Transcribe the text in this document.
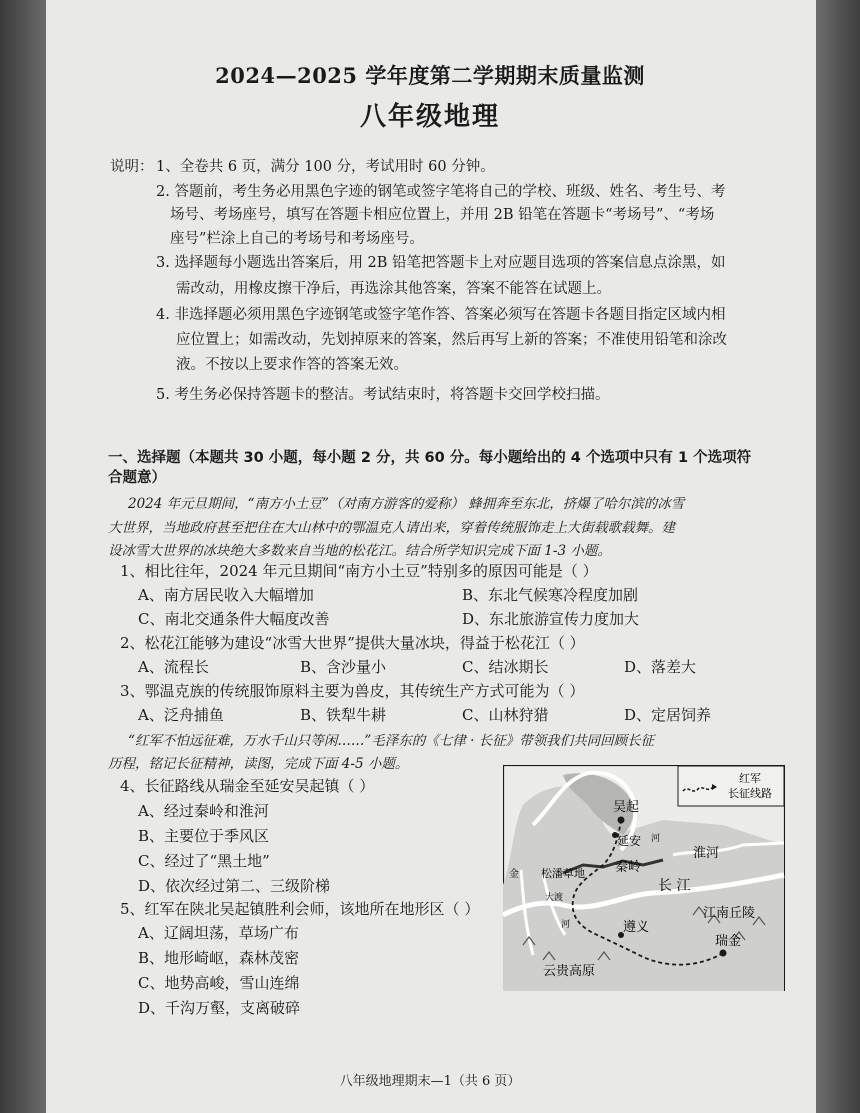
2024—2025 学年度第二学期期末质量监测
八年级地理
说明： 1、全卷共 6 页，满分 100 分，考试用时 60 分钟。
2. 答题前，考生务必用黑色字迹的钢笔或签字笔将自己的学校、班级、姓名、考生号、考
场号、考场座号，填写在答题卡相应位置上，并用 2B 铅笔在答题卡“考场号”、“考场
座号”栏涂上自己的考场号和考场座号。
3. 选择题每小题选出答案后，用 2B 铅笔把答题卡上对应题目选项的答案信息点涂黑，如
需改动，用橡皮擦干净后，再选涂其他答案，答案不能答在试题上。
4. 非选择题必须用黑色字迹钢笔或签字笔作答、答案必须写在答题卡各题目指定区域内相
应位置上；如需改动，先划掉原来的答案，然后再写上新的答案；不准使用铅笔和涂改
液。不按以上要求作答的答案无效。
5. 考生务必保持答题卡的整洁。考试结束时，将答题卡交回学校扫描。
一、选择题（本题共 30 小题，每小题 2 分，共 60 分。每小题给出的 4 个选项中只有 1 个选项符
合题意）
2024 年元旦期间，“南方小土豆”（对南方游客的爱称） 蜂拥奔至东北，挤爆了哈尔滨的冰雪
大世界，当地政府甚至把住在大山林中的鄂温克人请出来，穿着传统服饰走上大街载歌载舞。建
设冰雪大世界的冰块绝大多数来自当地的松花江。结合所学知识完成下面 1-3 小题。
1、相比往年，2024 年元旦期间“南方小土豆”特别多的原因可能是（ ）
A、南方居民收入大幅增加	B、东北气候寒冷程度加剧
C、南北交通条件大幅度改善	D、东北旅游宣传力度加大
2、松花江能够为建设“冰雪大世界”提供大量冰块，得益于松花江（ ）
A、流程长	B、含沙量小	C、结冰期长	D、落差大
3、鄂温克族的传统服饰原料主要为兽皮，其传统生产方式可能为（ ）
A、泛舟捕鱼	B、铁犁牛耕	C、山林狩猎	D、定居饲养
“红军不怕远征难，万水千山只等闲……”毛泽东的《七律 · 长征》带领我们共同回顾长征
历程，铭记长征精神，读图，完成下面 4-5 小题。
4、长征路线从瑞金至延安吴起镇（ ）
A、经过秦岭和淮河
B、主要位于季风区
C、经过了“黑土地”
D、依次经过第二、三级阶梯
5、红军在陕北吴起镇胜利会师，该地所在地形区（ ）
A、辽阔坦荡，草场广布
B、地形崎岖，森林茂密
C、地势高峻，雪山连绵
D、千沟万壑，支离破碎
红军
长征线路
吴起
延安 河
秦岭
淮河
松潘草地
金
大渡
河
长 江
江南丘陵
遵义
瑞金
云贵高原
八年级地理期末—1（共 6 页）
